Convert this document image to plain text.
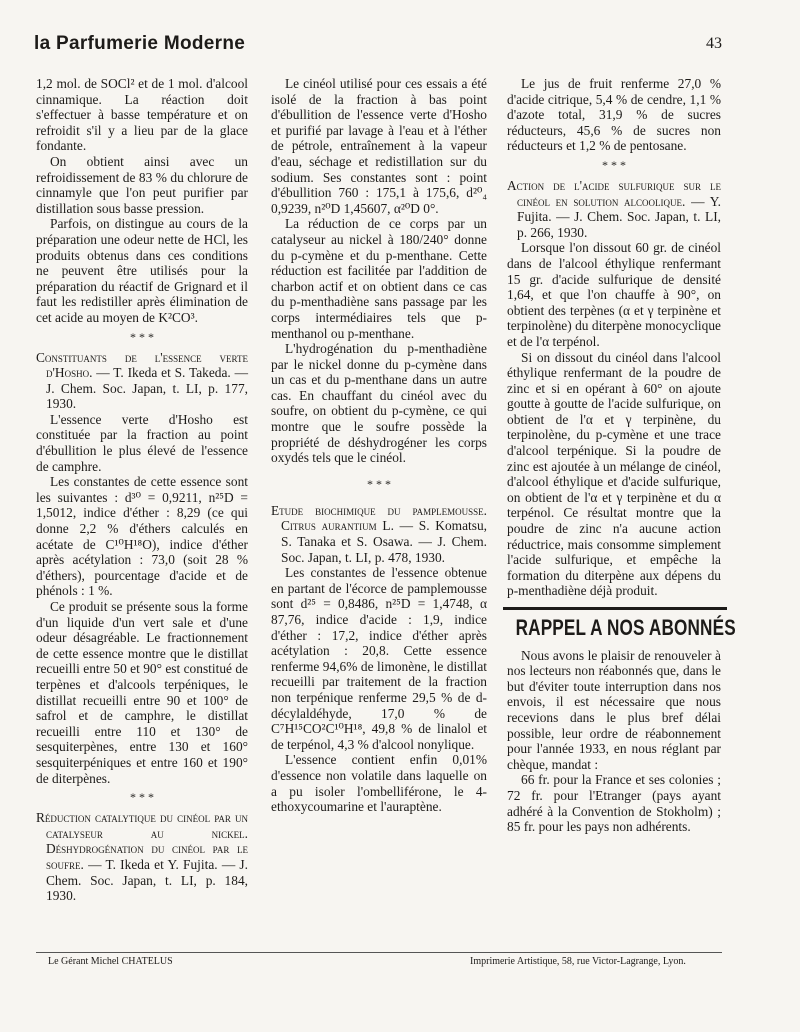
la Parfumerie Moderne	43

1,2 mol. de SOCl² et de 1 mol. d'alcool cinnamique. La réaction doit s'effectuer à basse température et on refroidit s'il y a lieu par de la glace fondante.

On obtient ainsi avec un refroidissement de 83 % du chlorure de cinnamyle que l'on peut purifier par distillation sous basse pression.

Parfois, on distingue au cours de la préparation une odeur nette de HCl, les produits obtenus dans ces conditions ne peuvent être utilisés pour la préparation du réactif de Grignard et il faut les redistiller après élimination de cet acide au moyen de K²CO³.

* * *

Constituants de l'essence verte d'Hosho. — T. Ikeda et S. Takeda. — J. Chem. Soc. Japan, t. LI, p. 177, 1930.

L'essence verte d'Hosho est constituée par la fraction au point d'ébullition le plus élevé de l'essence de camphre.

Les constantes de cette essence sont les suivantes : d³⁰ = 0,9211, n²⁵D = 1,5012, indice d'éther : 8,29 (ce qui donne 2,2 % d'éthers calculés en acétate de C¹⁰H¹⁸O), indice d'éther après acétylation : 73,0 (soit 28 % d'éthers), pourcentage d'acide et de phénols : 1 %.

Ce produit se présente sous la forme d'un liquide d'un vert sale et d'une odeur désagréable. Le fractionnement de cette essence montre que le distillat recueilli entre 50 et 90° est constitué de terpènes et d'alcools terpéniques, le distillat recueilli entre 90 et 100° de safrol et de camphre, le distillat recueilli entre 110 et 130° de sesquiterpènes, entre 130 et 160° sesquiterpéniques et entre 160 et 190° de diterpènes.

* * *

Réduction catalytique du cinéol par un catalyseur au nickel. Déshydrogénation du cinéol par le soufre. — T. Ikeda et Y. Fujita. — J. Chem. Soc. Japan, t. LI, p. 184, 1930.

Le cinéol utilisé pour ces essais a été isolé de la fraction à bas point d'ébullition de l'essence verte d'Hosho et purifié par lavage à l'eau et à l'éther de pétrole, entraînement à la vapeur d'eau, séchage et redistillation sur du sodium. Ses constantes sont : point d'ébullition 760 : 175,1 à 175,6, d²⁰₄ 0,9239, n²⁰D 1,45607, α²⁰D 0°.

La réduction de ce corps par un catalyseur au nickel à 180/240° donne du p-cymène et du p-menthane. Cette réduction est facilitée par l'addition de charbon actif et on obtient dans ce cas du p-menthadiène sans passage par les corps intermédiaires tels que p-menthanol ou p-menthane.

L'hydrogénation du p-menthadiène par le nickel donne du p-cymène dans un cas et du p-menthane dans un autre cas. En chauffant du cinéol avec du soufre, on obtient du p-cymène, ce qui montre que le soufre possède la propriété de déshydrogéner les corps oxydés tels que le cinéol.

* * *

Etude biochimique du pamplemousse. Citrus aurantium L. — S. Komatsu, S. Tanaka et S. Osawa. — J. Chem. Soc. Japan, t. LI, p. 478, 1930.

Les constantes de l'essence obtenue en partant de l'écorce de pamplemousse sont d²⁵ = 0,8486, n²⁵D = 1,4748, α 87,76, indice d'acide : 1,9, indice d'éther : 17,2, indice d'éther après acétylation : 20,8. Cette essence renferme 94,6% de limonène, le distillat recueilli par traitement de la fraction non terpénique renferme 29,5 % de d-décylaldéhyde, 17,0 % de C⁷H¹⁵CO²C¹⁰H¹⁸, 49,8 % de linalol et de terpénol, 4,3 % d'alcool nonylique.

L'essence contient enfin 0,01% d'essence non volatile dans laquelle on a pu isoler l'ombelliférone, le 4-ethoxycoumarine et l'auraptène.

Le jus de fruit renferme 27,0 % d'acide citrique, 5,4 % de cendre, 1,1 % d'azote total, 31,9 % de sucres réducteurs, 45,6 % de sucres non réducteurs et 1,2 % de pentosane.

* * *

Action de l'acide sulfurique sur le cinéol en solution alcoolique. — Y. Fujita. — J. Chem. Soc. Japan, t. LI, p. 266, 1930.

Lorsque l'on dissout 60 gr. de cinéol dans de l'alcool éthylique renfermant 15 gr. d'acide sulfurique de densité 1,64, et que l'on chauffe à 90°, on obtient des terpènes (α et γ terpinène et terpinolène) du diterpène monocyclique et de l'α terpénol.

Si on dissout du cinéol dans l'alcool éthylique renfermant de la poudre de zinc et si en opérant à 60° on ajoute goutte à goutte de l'acide sulfurique, on obtient de l'α et γ terpinène, du terpinolène, du p-cymène et une trace d'alcool terpénique. Si la poudre de zinc est ajoutée à un mélange de cinéol, d'alcool éthylique et d'acide sulfurique, on obtient de l'α et γ terpinène et du α terpénol. Ce résultat montre que la poudre de zinc n'a aucune action réductrice, mais consomme simplement l'acide sulfurique, et empêche la formation du diterpène aux dépens du p-menthadiène déjà produit.

RAPPEL A NOS ABONNÉS

Nous avons le plaisir de renouveler à nos lecteurs non réabonnés que, dans le but d'éviter toute interruption dans nos envois, il est nécessaire que nous recevions dans le plus bref délai possible, leur ordre de réabonnement pour l'année 1933, en nous réglant par chèque, mandat :

66 fr. pour la France et ses colonies ; 72 fr. pour l'Etranger (pays ayant adhéré à la Convention de Stokholm) ; 85 fr. pour les pays non adhérents.

Le Gérant Michel CHATELUS	Imprimerie Artistique, 58, rue Victor-Lagrange, Lyon.
